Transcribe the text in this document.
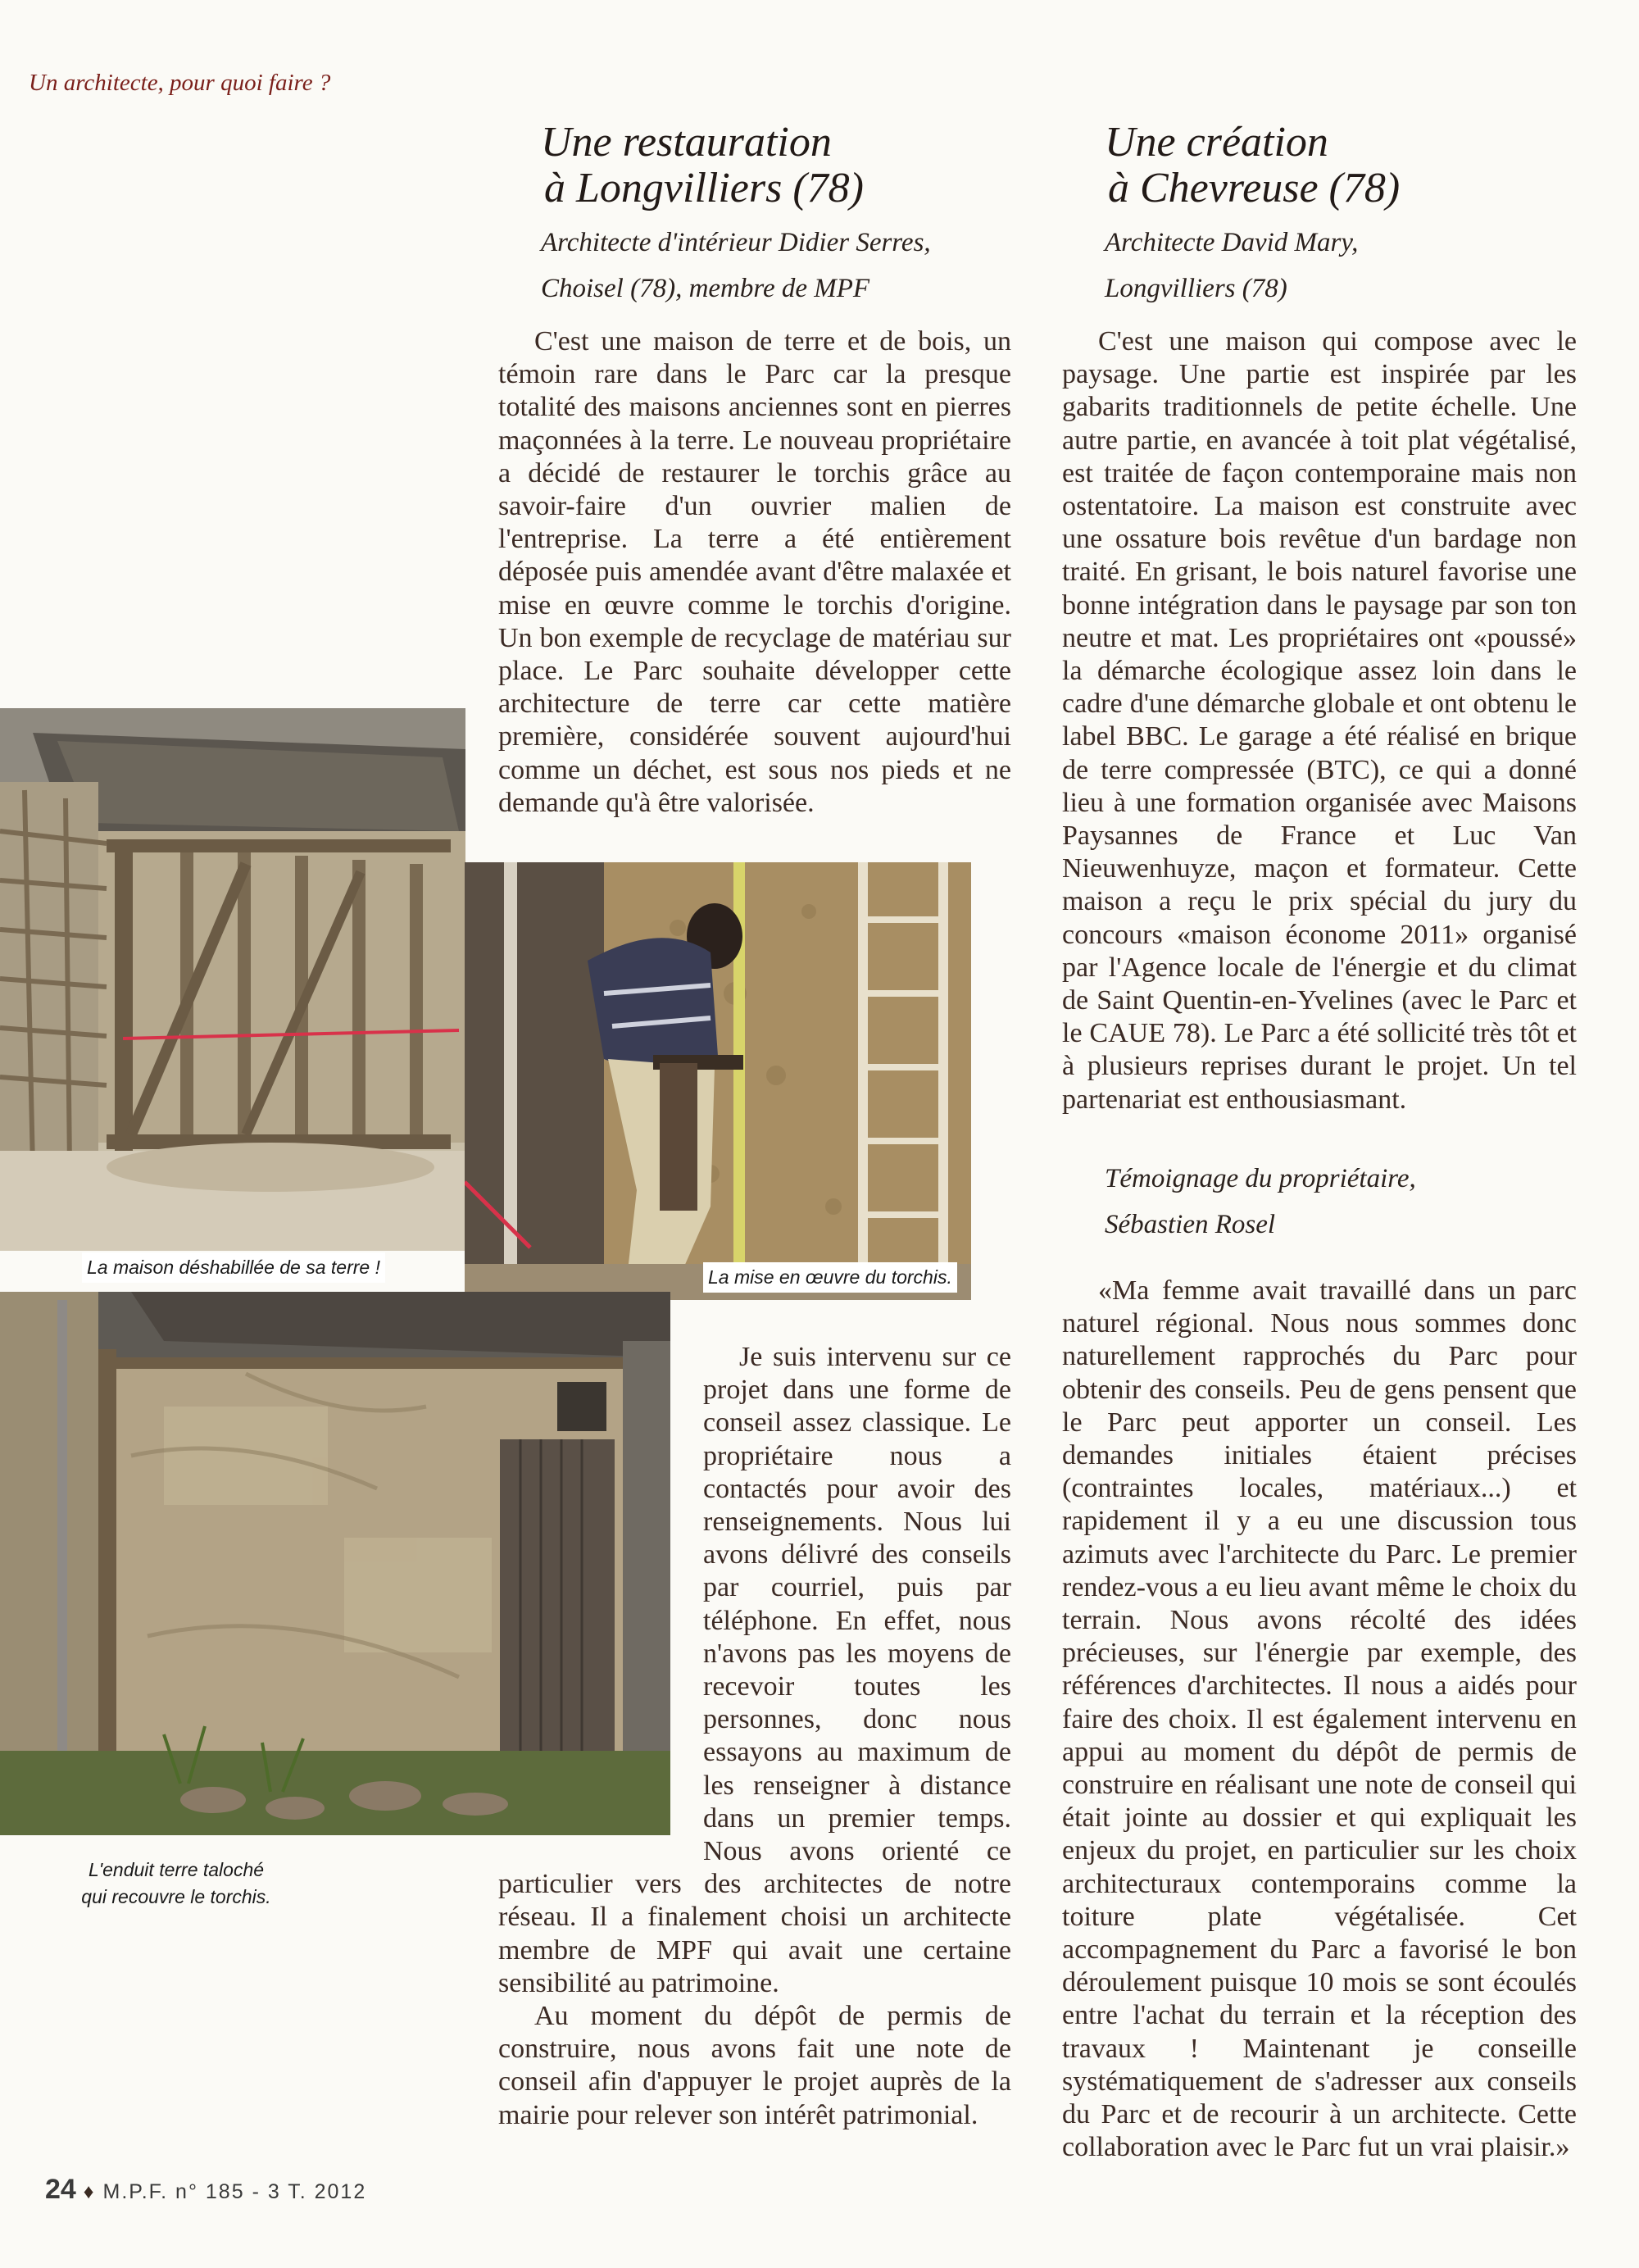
Un architecte, pour quoi faire ?
Une restauration
à Longvilliers (78)
Architecte d'intérieur Didier Serres,
Choisel (78), membre de MPF

C'est une maison de terre et de bois, un témoin rare dans le Parc car la presque totalité des maisons anciennes sont en pierres maçonnées à la terre. Le nouveau propriétaire a décidé de restaurer le torchis grâce au savoir-faire d'un ouvrier malien de l'entreprise. La terre a été entièrement déposée puis amendée avant d'être malaxée et mise en œuvre comme le torchis d'origine. Un bon exemple de recyclage de matériau sur place. Le Parc souhaite développer cette architecture de terre car cette matière première, considérée souvent aujourd'hui comme un déchet, est sous nos pieds et ne demande qu'à être valorisée.

Une création
à Chevreuse (78)
Architecte David Mary,
Longvilliers (78)

C'est une maison qui compose avec le paysage. Une partie est inspirée par les gabarits traditionnels de petite échelle. Une autre partie, en avancée à toit plat végétalisé, est traitée de façon contemporaine mais non ostentatoire. La maison est construite avec une ossature bois revêtue d'un bardage non traité. En grisant, le bois naturel favorise une bonne intégration dans le paysage par son ton neutre et mat. Les propriétaires ont «poussé» la démarche écologique assez loin dans le cadre d'une démarche globale et ont obtenu le label BBC. Le garage a été réalisé en brique de terre compressée (BTC), ce qui a donné lieu à une formation organisée avec Maisons Paysannes de France et Luc Van Nieuwenhuyze, maçon et formateur. Cette maison a reçu le prix spécial du jury du concours «maison économe 2011» organisé par l'Agence locale de l'énergie et du climat de Saint Quentin-en-Yvelines (avec le Parc et le CAUE 78). Le Parc a été sollicité très tôt et à plusieurs reprises durant le projet. Un tel partenariat est enthousiasmant.

Témoignage du propriétaire,
Sébastien Rosel

«Ma femme avait travaillé dans un parc naturel régional. Nous nous sommes donc naturellement rapprochés du Parc pour obtenir des conseils. Peu de gens pensent que le Parc peut apporter un conseil. Les demandes initiales étaient précises (contraintes locales, matériaux...) et rapidement il y a eu une discussion tous azimuts avec l'architecte du Parc. Le premier rendez-vous a eu lieu avant même le choix du terrain. Nous avons récolté des idées précieuses, sur l'énergie par exemple, des références d'architectes. Il nous a aidés pour faire des choix. Il est également intervenu en appui au moment du dépôt de permis de construire en réalisant une note de conseil qui était jointe au dossier et qui expliquait les enjeux du projet, en particulier sur les choix architecturaux contemporains comme la toiture plate végétalisée. Cet accompagnement du Parc a favorisé le bon déroulement puisque 10 mois se sont écoulés entre l'achat du terrain et la réception des travaux ! Maintenant je conseille systématiquement de s'adresser aux conseils du Parc et de recourir à un architecte. Cette collaboration avec le Parc fut un vrai plaisir.»

La maison déshabillée de sa terre !	La mise en œuvre du torchis.
L'enduit terre taloché
qui recouvre le torchis.

Je suis intervenu sur ce projet dans une forme de conseil assez classique. Le propriétaire nous a contactés pour avoir des renseignements. Nous lui avons délivré des conseils par courriel, puis par téléphone. En effet, nous n'avons pas les moyens de recevoir toutes les personnes, donc nous essayons au maximum de les renseigner à distance dans un premier temps. Nous avons orienté ce particulier vers des architectes de notre réseau. Il a finalement choisi un architecte membre de MPF qui avait une certaine sensibilité au patrimoine.

Au moment du dépôt de permis de construire, nous avons fait une note de conseil afin d'appuyer le projet auprès de la mairie pour relever son intérêt patrimonial.

24 ♦ M.P.F. n° 185 - 3 T. 2012
